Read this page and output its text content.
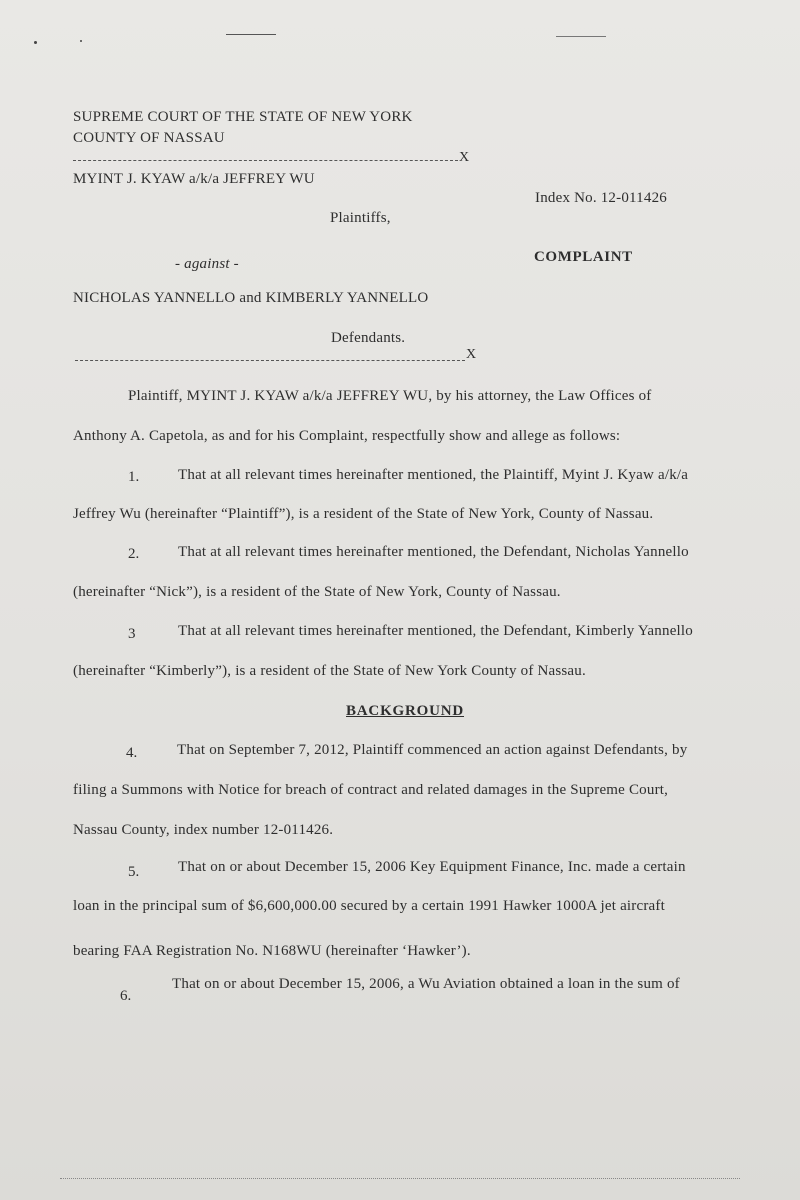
SUPREME COURT OF THE STATE OF NEW YORK
COUNTY OF NASSAU
X
MYINT J. KYAW a/k/a JEFFREY WU
Index No. 12-011426
Plaintiffs,
- against -	COMPLAINT
NICHOLAS YANNELLO and KIMBERLY YANNELLO
Defendants.
X
Plaintiff, MYINT J. KYAW a/k/a JEFFREY WU, by his attorney, the Law Offices of
Anthony A. Capetola, as and for his Complaint, respectfully show and allege as follows:
1.	That at all relevant times hereinafter mentioned, the Plaintiff, Myint J. Kyaw a/k/a
Jeffrey Wu (hereinafter “Plaintiff”), is a resident of the State of New York, County of Nassau.
2.	That at all relevant times hereinafter mentioned, the Defendant, Nicholas Yannello
(hereinafter “Nick”), is a resident of the State of New York, County of Nassau.
3	That at all relevant times hereinafter mentioned, the Defendant, Kimberly Yannello
(hereinafter “Kimberly”), is a resident of the State of New York County of Nassau.
BACKGROUND
4.	That on September 7, 2012, Plaintiff commenced an action against Defendants, by
filing a Summons with Notice for breach of contract and related damages in the Supreme Court,
Nassau County, index number 12-011426.
5.	That on or about December 15, 2006 Key Equipment Finance, Inc. made a certain
loan in the principal sum of $6,600,000.00 secured by a certain 1991 Hawker 1000A jet aircraft
bearing FAA Registration No. N168WU (hereinafter ‘Hawker’).
6.
That on or about December 15, 2006, a Wu Aviation obtained a loan in the sum of
